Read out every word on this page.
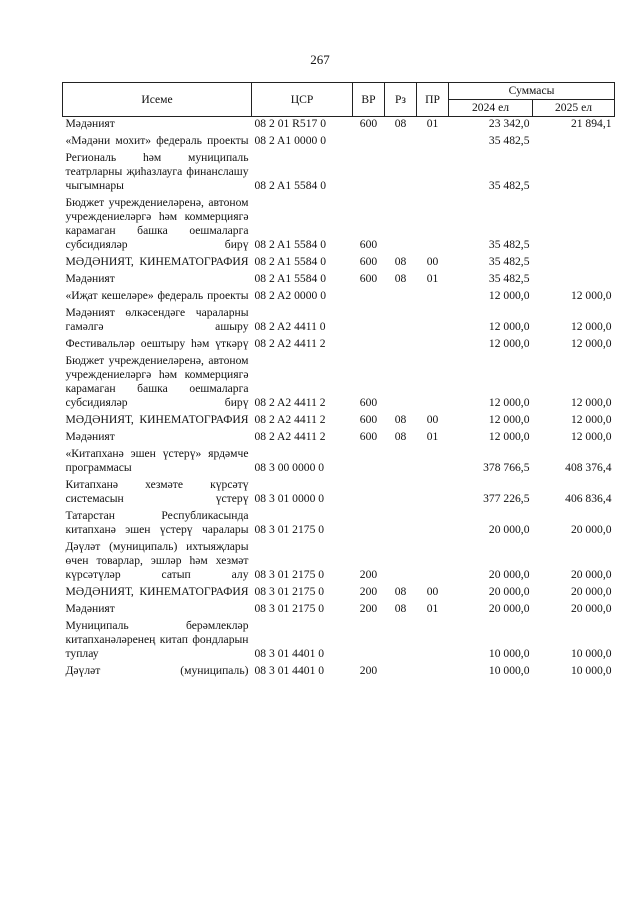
267
Исеме	ЦСР	ВР	Рз	ПР	Суммасы	
					2024 ел	2025 ел
Мәдәният	08 2 01 R517 0	600	08	01	23 342,0	21 894,1
«Мәдәни мохит» федераль проекты	08 2 A1 0000 0				35 482,5	
Региональ һәм муниципаль театрларны җиһазлауга финанслашу чыгымнары	08 2 A1 5584 0				35 482,5	
Бюджет учреждениеләренә, автоном учреждениеләргә һәм коммерциягә карамаган башка оешмаларга субсидияләр бирү	08 2 A1 5584 0	600			35 482,5	
МӘДӘНИЯТ, КИНЕМАТОГРАФИЯ	08 2 A1 5584 0	600	08	00	35 482,5	
Мәдәният	08 2 A1 5584 0	600	08	01	35 482,5	
«Иҗат кешеләре» федераль проекты	08 2 A2 0000 0				12 000,0	12 000,0
Мәдәният өлкәсендәге чараларны гамәлгә ашыру	08 2 A2 4411 0				12 000,0	12 000,0
Фестивальләр оештыру һәм үткәрү	08 2 A2 4411 2				12 000,0	12 000,0
Бюджет учреждениеләренә, автоном учреждениеләргә һәм коммерциягә карамаган башка оешмаларга субсидияләр бирү	08 2 A2 4411 2	600			12 000,0	12 000,0
МӘДӘНИЯТ, КИНЕМАТОГРАФИЯ	08 2 A2 4411 2	600	08	00	12 000,0	12 000,0
Мәдәният	08 2 A2 4411 2	600	08	01	12 000,0	12 000,0
«Китапханә эшен үстерү» ярдәмче программасы	08 3 00 0000 0				378 766,5	408 376,4
Китапханә хезмәте күрсәтү системасын үстерү	08 3 01 0000 0				377 226,5	406 836,4
Татарстан Республикасында китапханә эшен үстерү чаралары	08 3 01 2175 0				20 000,0	20 000,0
Дәүләт (муниципаль) ихтыяҗлары өчен товарлар, эшләр һәм хезмәт күрсәтүләр сатып алу	08 3 01 2175 0	200			20 000,0	20 000,0
МӘДӘНИЯТ, КИНЕМАТОГРАФИЯ	08 3 01 2175 0	200	08	00	20 000,0	20 000,0
Мәдәният	08 3 01 2175 0	200	08	01	20 000,0	20 000,0
Муниципаль берәмлекләр китапханәләренең китап фондларын туплау	08 3 01 4401 0				10 000,0	10 000,0
Дәүләт (муниципаль)	08 3 01 4401 0	200			10 000,0	10 000,0
